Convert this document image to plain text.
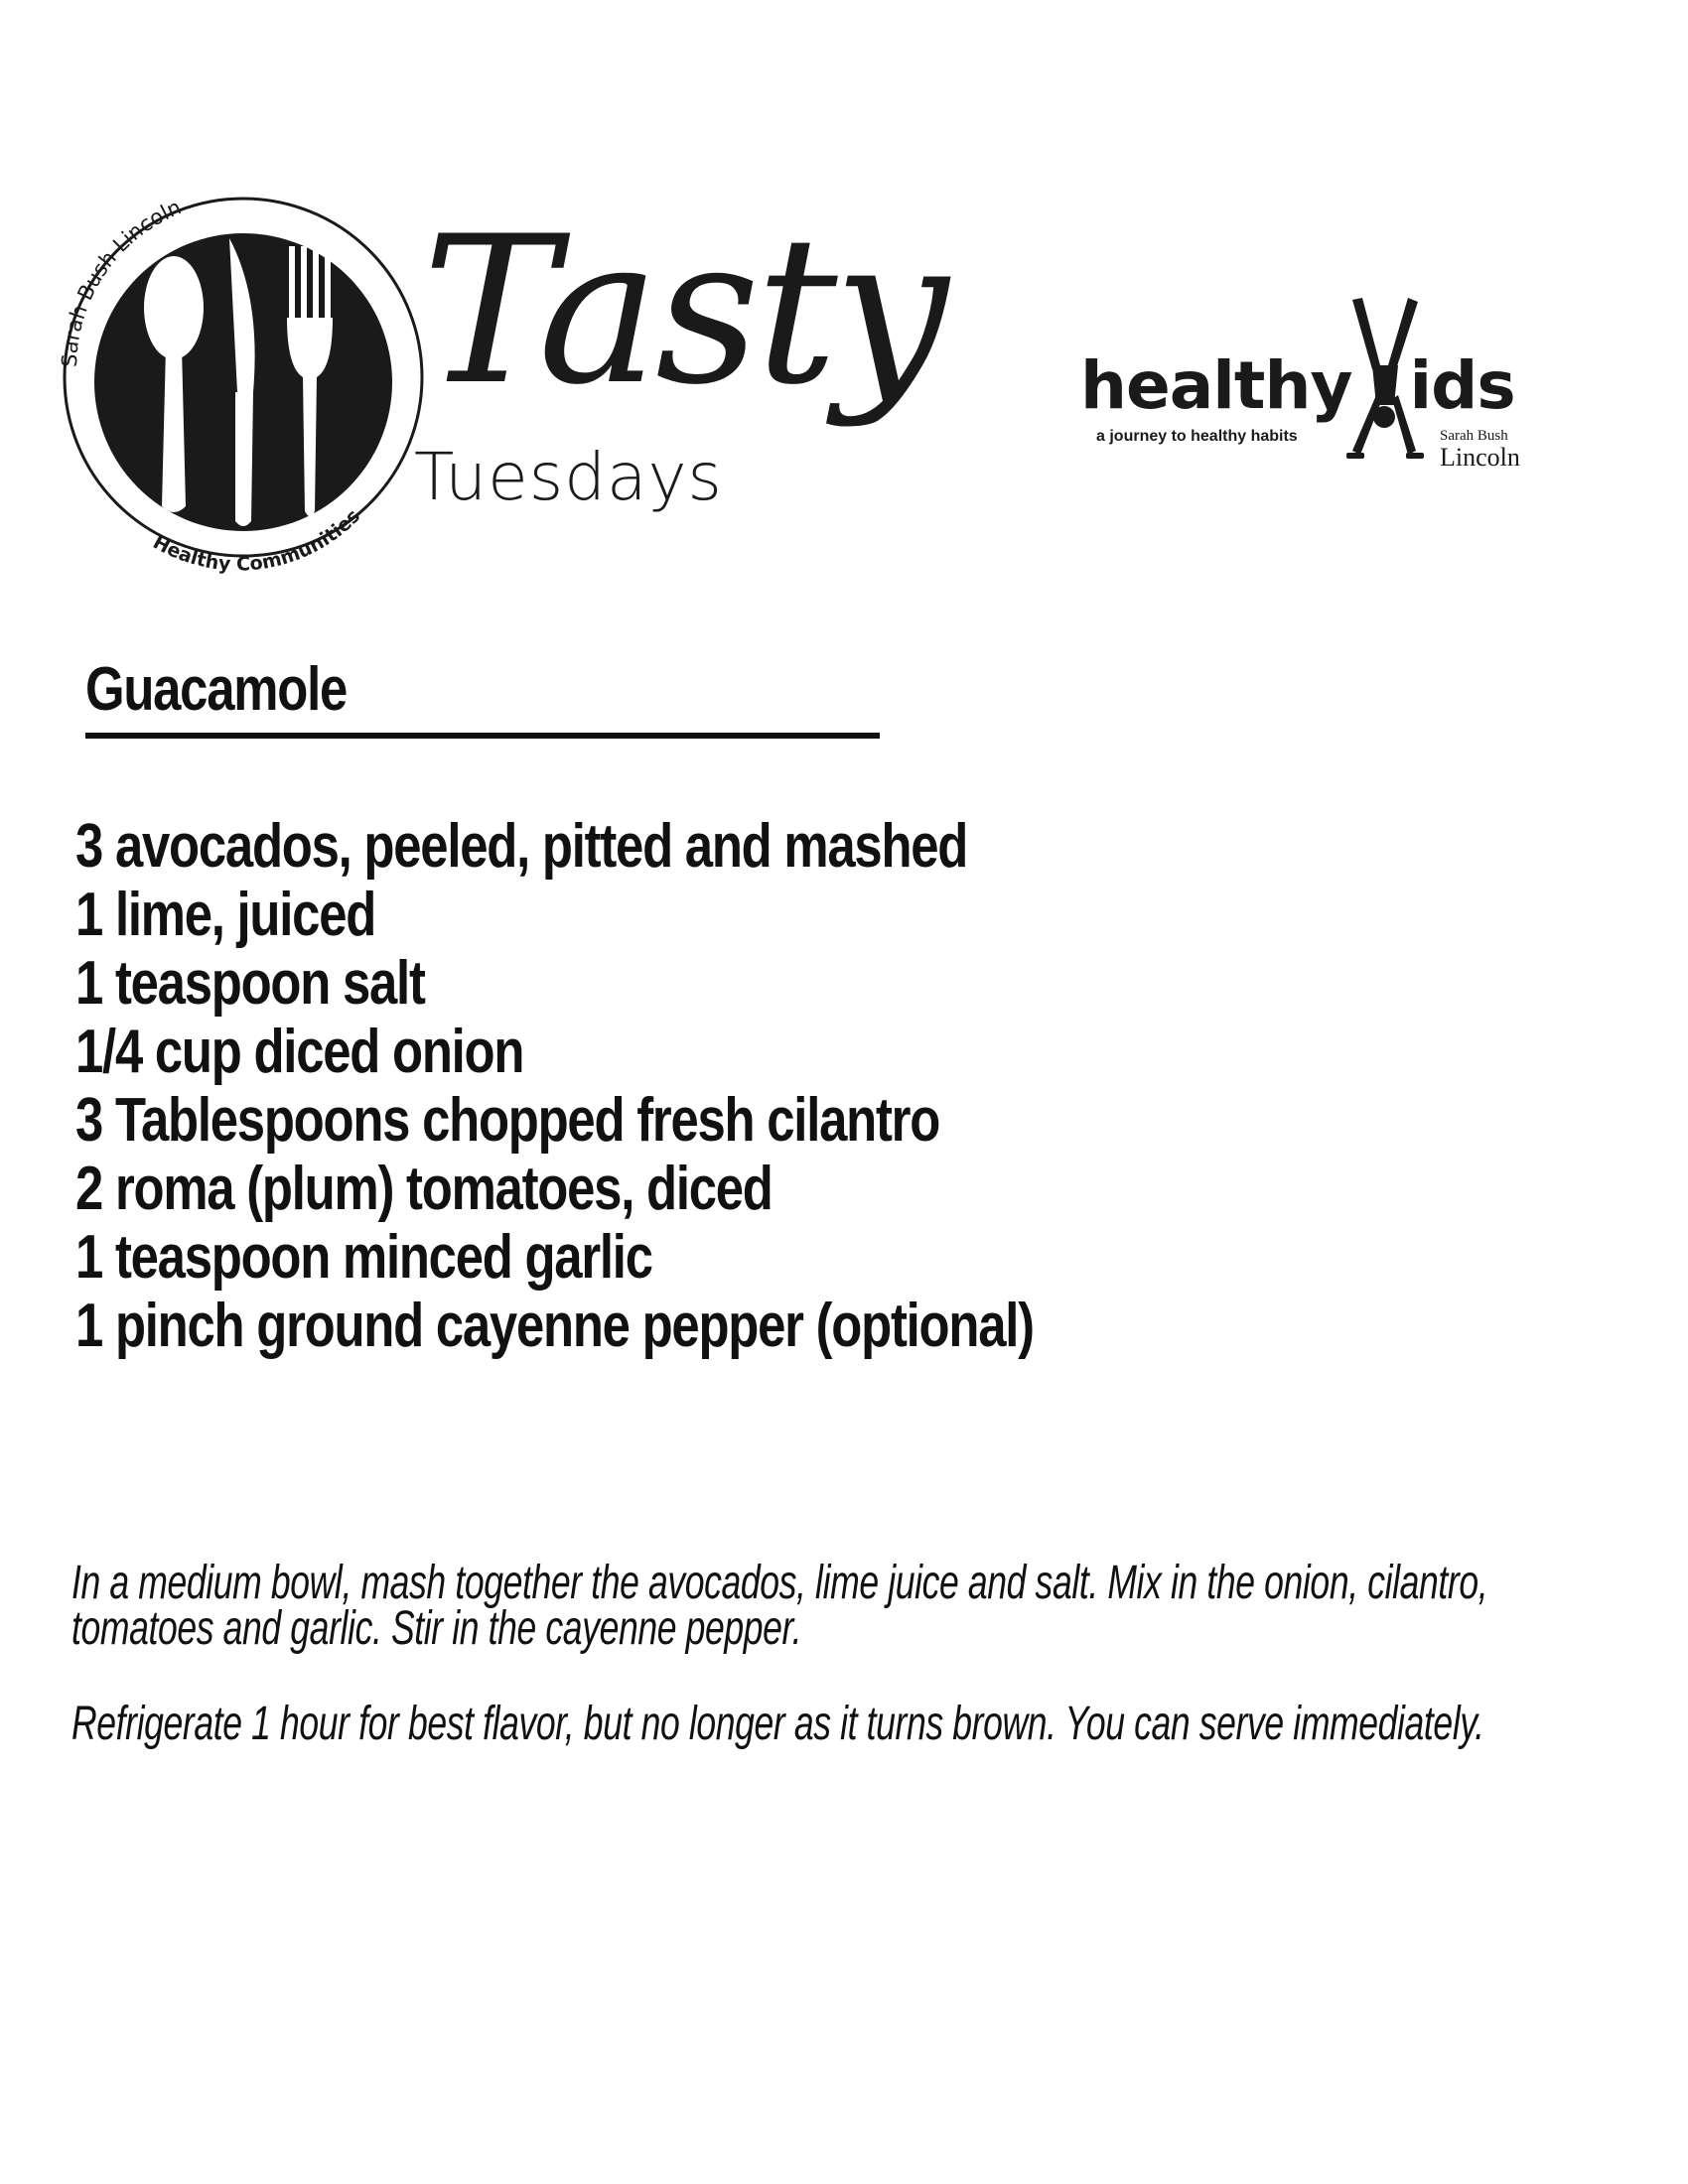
Sarah Bush Lincoln
Healthy Communities
Tasty
Tuesdays
healthy ids
a journey to healthy habits	Sarah Bush
Lincoln
Guacamole
3 avocados, peeled, pitted and mashed
1 lime, juiced
1 teaspoon salt
1/4 cup diced onion
3 Tablespoons chopped fresh cilantro
2 roma (plum) tomatoes, diced
1 teaspoon minced garlic
1 pinch ground cayenne pepper (optional)

In a medium bowl, mash together the avocados, lime juice and salt. Mix in the onion, cilantro, tomatoes and garlic. Stir in the cayenne pepper.

Refrigerate 1 hour for best flavor, but no longer as it turns brown. You can serve immediately.
